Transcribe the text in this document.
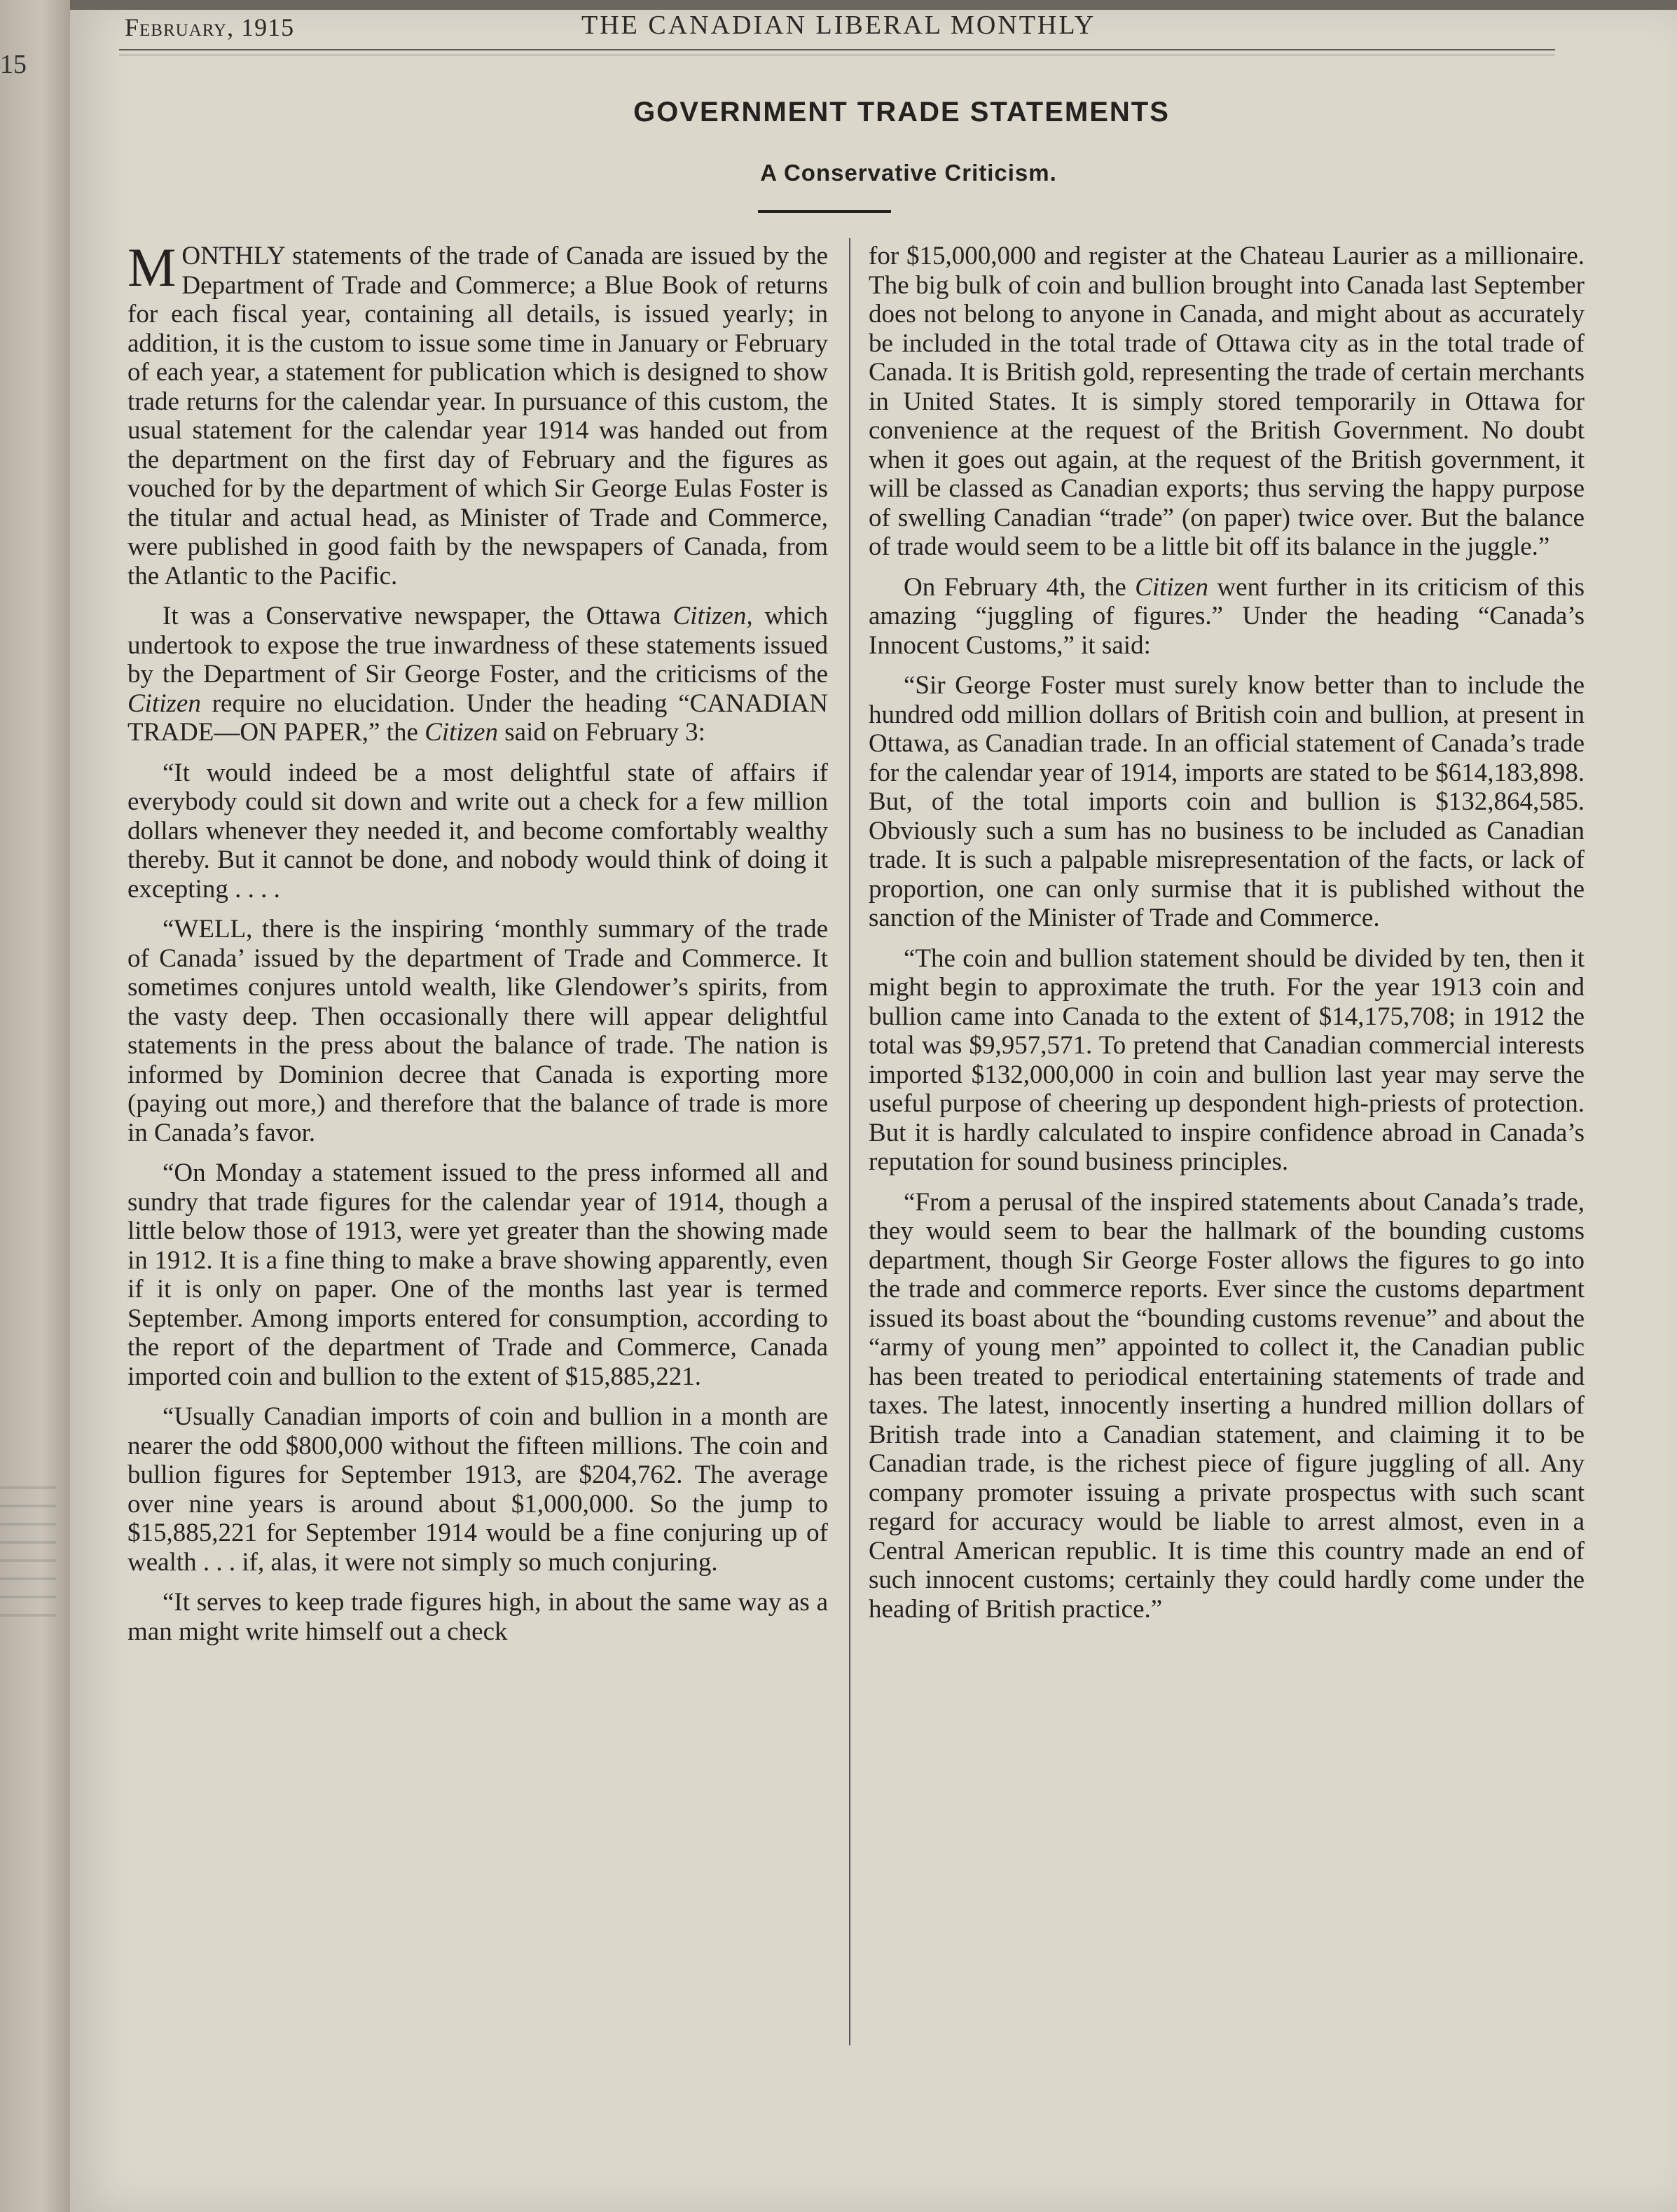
15
February, 1915	THE CANADIAN LIBERAL MONTHLY
GOVERNMENT TRADE STATEMENTS
A Conservative Criticism.

MONTHLY statements of the trade of Canada are issued by the Department of Trade and Commerce; a Blue Book of returns for each fiscal year, containing all details, is issued yearly; in addition, it is the custom to issue some time in January or February of each year, a statement for publication which is designed to show trade returns for the calendar year. In pursuance of this custom, the usual statement for the calendar year 1914 was handed out from the department on the first day of February and the figures as vouched for by the department of which Sir George Eulas Foster is the titular and actual head, as Minister of Trade and Commerce, were published in good faith by the newspapers of Canada, from the Atlantic to the Pacific.

It was a Conservative newspaper, the Ottawa Citizen, which undertook to expose the true inwardness of these statements issued by the Department of Sir George Foster, and the criticisms of the Citizen require no elucidation. Under the heading “CANADIAN TRADE—ON PAPER,” the Citizen said on February 3:

“It would indeed be a most delightful state of affairs if everybody could sit down and write out a check for a few million dollars whenever they needed it, and become comfortably wealthy thereby. But it cannot be done, and nobody would think of doing it excepting . . . .

“WELL, there is the inspiring ‘monthly summary of the trade of Canada’ issued by the department of Trade and Commerce. It sometimes conjures untold wealth, like Glendower’s spirits, from the vasty deep. Then occasionally there will appear delightful statements in the press about the balance of trade. The nation is informed by Dominion decree that Canada is exporting more (paying out more,) and therefore that the balance of trade is more in Canada’s favor.

“On Monday a statement issued to the press informed all and sundry that trade figures for the calendar year of 1914, though a little below those of 1913, were yet greater than the showing made in 1912. It is a fine thing to make a brave showing apparently, even if it is only on paper. One of the months last year is termed September. Among imports entered for consumption, according to the report of the department of Trade and Commerce, Canada imported coin and bullion to the extent of $15,885,221.

“Usually Canadian imports of coin and bullion in a month are nearer the odd $800,000 without the fifteen millions. The coin and bullion figures for September 1913, are $204,762. The average over nine years is around about $1,000,000. So the jump to $15,885,221 for September 1914 would be a fine conjuring up of wealth . . . if, alas, it were not simply so much conjuring.

“It serves to keep trade figures high, in about the same way as a man might write himself out a check

for $15,000,000 and register at the Chateau Laurier as a millionaire. The big bulk of coin and bullion brought into Canada last September does not belong to anyone in Canada, and might about as accurately be included in the total trade of Ottawa city as in the total trade of Canada. It is British gold, representing the trade of certain merchants in United States. It is simply stored temporarily in Ottawa for convenience at the request of the British Government. No doubt when it goes out again, at the request of the British government, it will be classed as Canadian exports; thus serving the happy purpose of swelling Canadian “trade” (on paper) twice over. But the balance of trade would seem to be a little bit off its balance in the juggle.”

On February 4th, the Citizen went further in its criticism of this amazing “juggling of figures.” Under the heading “Canada’s Innocent Customs,” it said:

“Sir George Foster must surely know better than to include the hundred odd million dollars of British coin and bullion, at present in Ottawa, as Canadian trade. In an official statement of Canada’s trade for the calendar year of 1914, imports are stated to be $614,183,898. But, of the total imports coin and bullion is $132,864,585. Obviously such a sum has no business to be included as Canadian trade. It is such a palpable misrepresentation of the facts, or lack of proportion, one can only surmise that it is published without the sanction of the Minister of Trade and Commerce.

“The coin and bullion statement should be divided by ten, then it might begin to approximate the truth. For the year 1913 coin and bullion came into Canada to the extent of $14,175,708; in 1912 the total was $9,957,571. To pretend that Canadian commercial interests imported $132,000,000 in coin and bullion last year may serve the useful purpose of cheering up despondent high-priests of protection. But it is hardly calculated to inspire confidence abroad in Canada’s reputation for sound business principles.

“From a perusal of the inspired statements about Canada’s trade, they would seem to bear the hallmark of the bounding customs department, though Sir George Foster allows the figures to go into the trade and commerce reports. Ever since the customs department issued its boast about the “bounding customs revenue” and about the “army of young men” appointed to collect it, the Canadian public has been treated to periodical entertaining statements of trade and taxes. The latest, innocently inserting a hundred million dollars of British trade into a Canadian statement, and claiming it to be Canadian trade, is the richest piece of figure juggling of all. Any company promoter issuing a private prospectus with such scant regard for accuracy would be liable to arrest almost, even in a Central American republic. It is time this country made an end of such innocent customs; certainly they could hardly come under the heading of British practice.”
